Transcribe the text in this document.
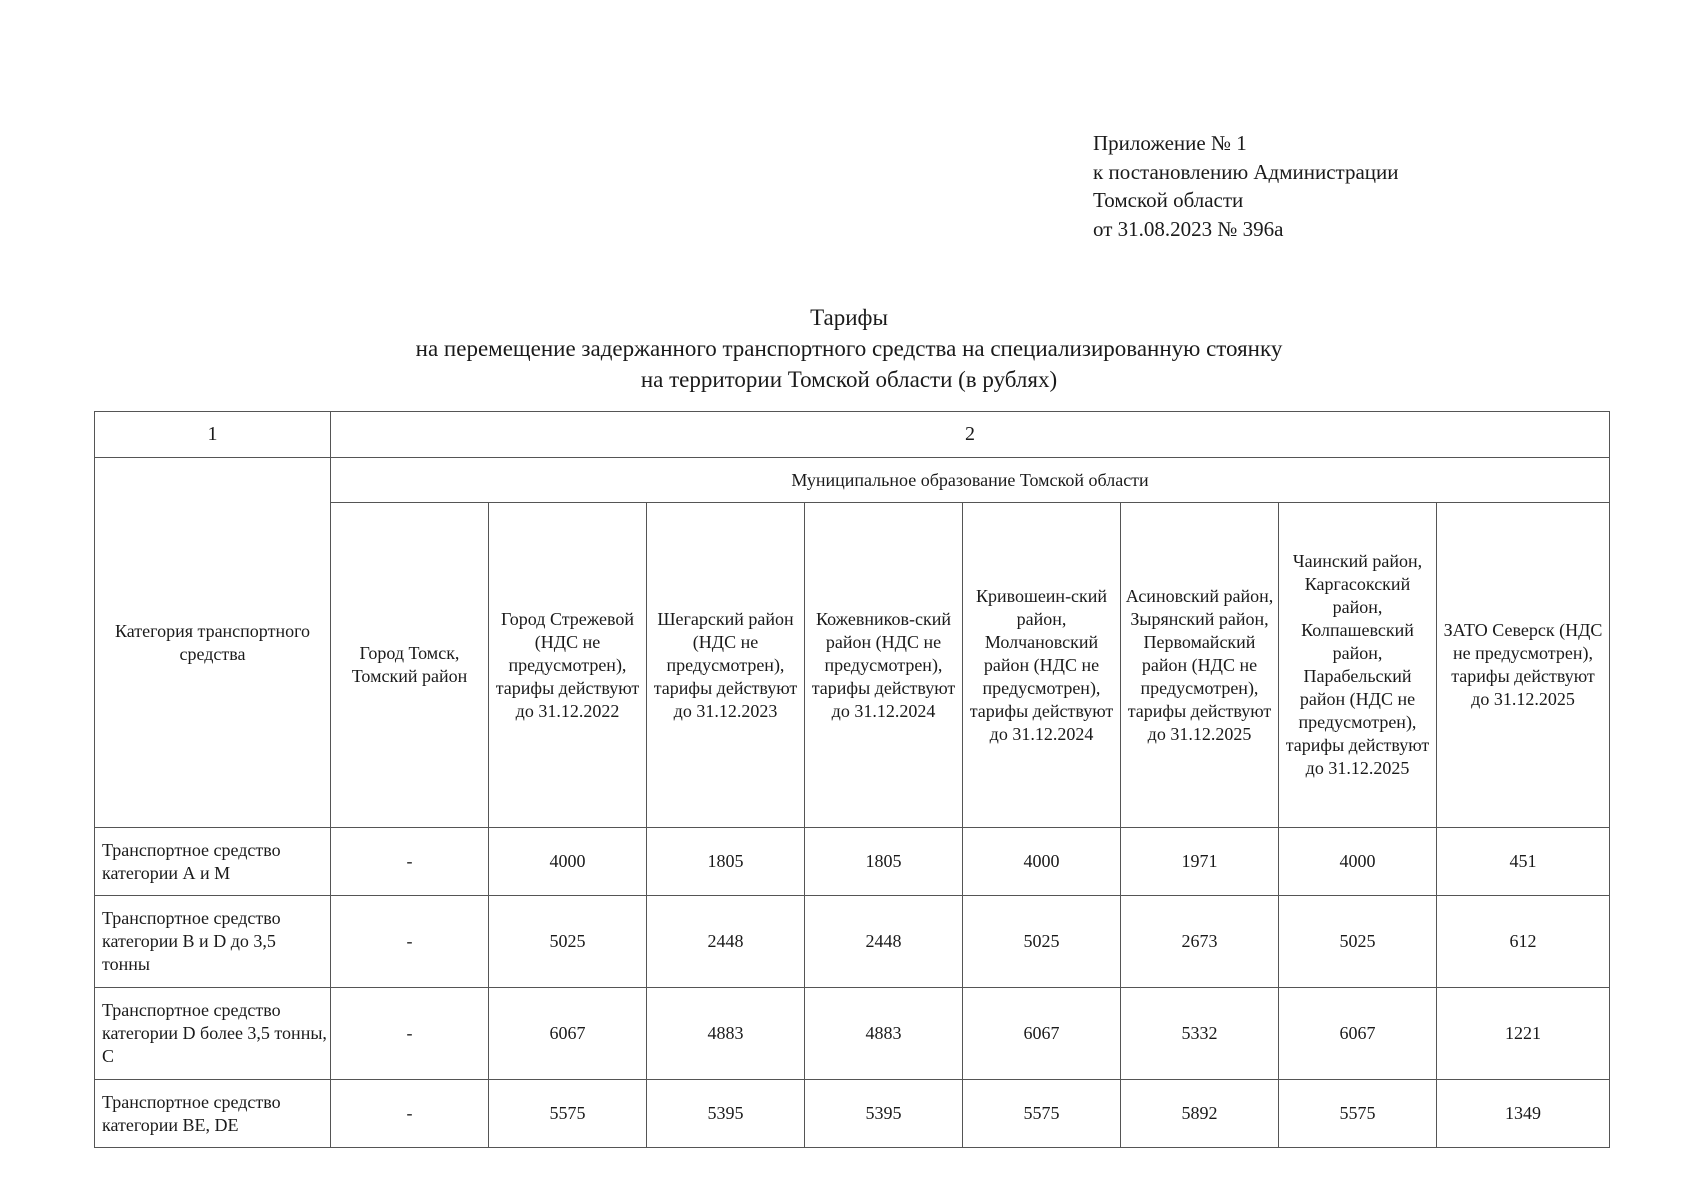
Приложение № 1
к постановлению Администрации
Томской области
от 31.08.2023 № 396а
Тарифы
на перемещение задержанного транспортного средства на специализированную стоянку
на территории Томской области (в рублях)
1	2							
Категория транспортного средства	Муниципальное образование Томской области							
	Город Томск, Томский район	Город Стрежевой (НДС не предусмотрен), тарифы действуют до 31.12.2022	Шегарский район (НДС не предусмотрен), тарифы действуют до 31.12.2023	Кожевников-ский район (НДС не предусмотрен), тарифы действуют до 31.12.2024	Кривошеин-ский район, Молчановский район (НДС не предусмотрен), тарифы действуют до 31.12.2024	Асиновский район, Зырянский район, Первомайский район (НДС не предусмотрен), тарифы действуют до 31.12.2025	Чаинский район, Каргасокский район, Колпашевский район, Парабельский район (НДС не предусмотрен), тарифы действуют до 31.12.2025	ЗАТО Северск (НДС не предусмотрен), тарифы действуют до 31.12.2025
Транспортное средство категории А и М	-	4000	1805	1805	4000	1971	4000	451
Транспортное средство категории B и D до 3,5 тонны	-	5025	2448	2448	5025	2673	5025	612
Транспортное средство категории D более 3,5 тонны, С	-	6067	4883	4883	6067	5332	6067	1221
Транспортное средство категории BE, DE	-	5575	5395	5395	5575	5892	5575	1349
